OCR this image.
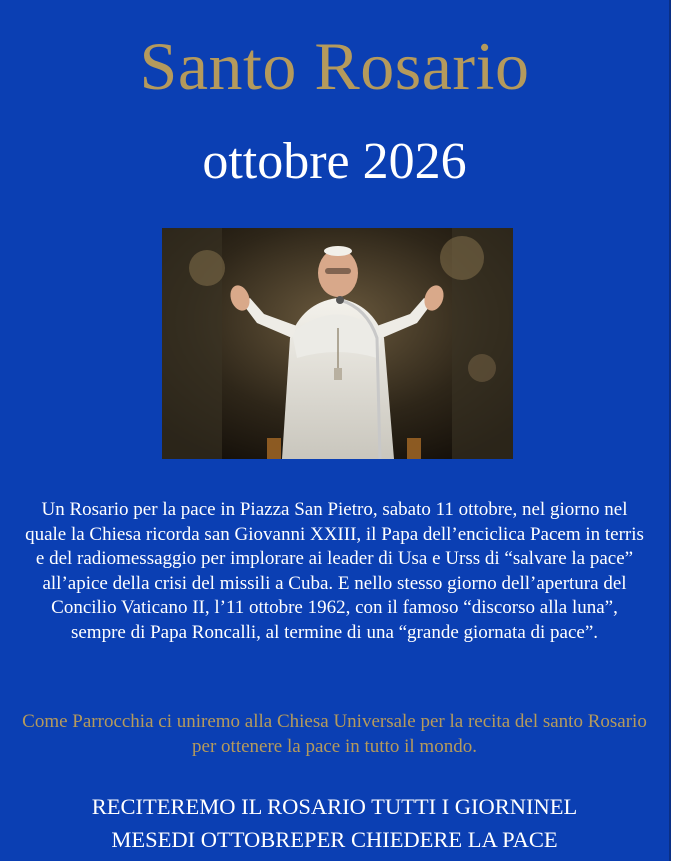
Santo Rosario
ottobre 2026
Un Rosario per la pace in Piazza San Pietro, sabato 11 ottobre, nel giorno nel quale la Chiesa ricorda san Giovanni XXIII, il Papa dell’enciclica Pacem in terris e del radiomessaggio per implorare ai leader di Usa e Urss di “salvare la pace” all’apice della crisi del missili a Cuba. E nello stesso giorno dell’apertura del Concilio Vaticano II, l’11 ottobre 1962, con il famoso “discorso alla luna”, sempre di Papa Roncalli, al termine di una “grande giornata di pace”.
Come Parrocchia ci uniremo alla Chiesa Universale per la recita del santo Rosario per ottenere la pace in tutto il mondo.
RECITEREMO IL ROSARIO TUTTI I GIORNINEL
MESEDI OTTOBREPER CHIEDERE LA PACE
